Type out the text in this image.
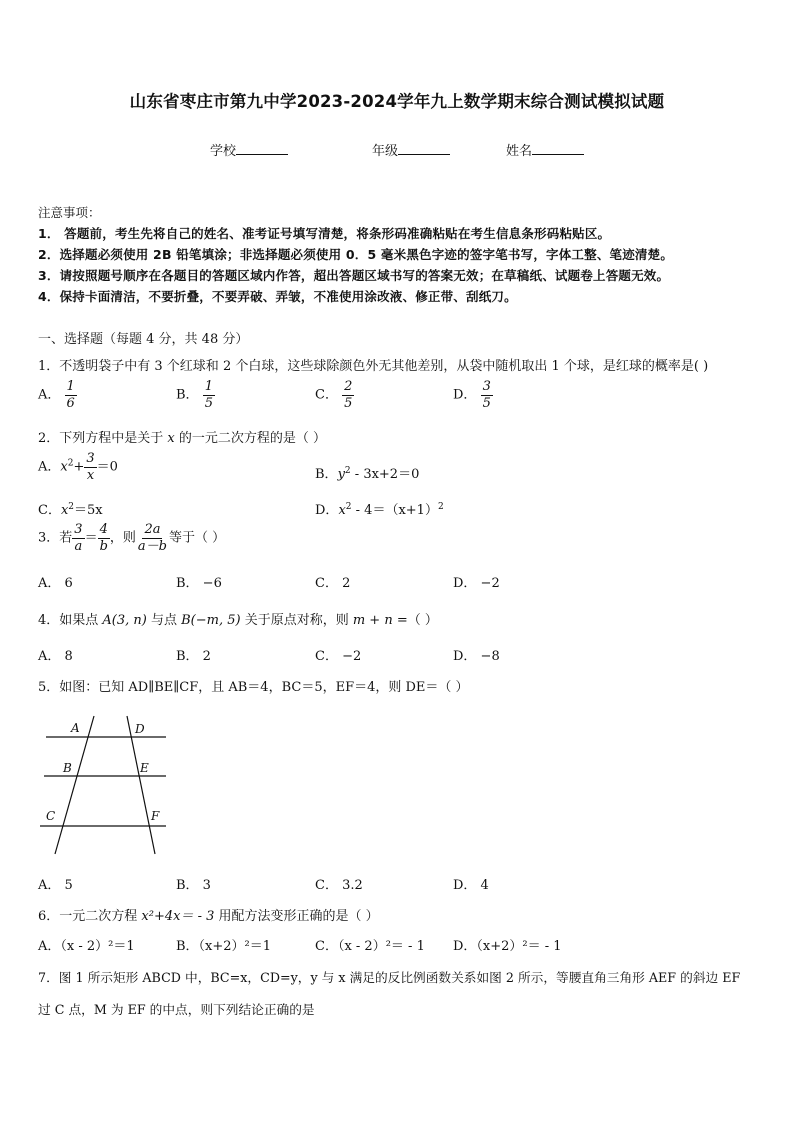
山东省枣庄市第九中学2023-2024学年九上数学期末综合测试模拟试题
学校	年级	姓名
注意事项：
1． 答题前，考生先将自己的姓名、准考证号填写清楚，将条形码准确粘贴在考生信息条形码粘贴区。
2．选择题必须使用 2B 铅笔填涂；非选择题必须使用 0．5 毫米黑色字迹的签字笔书写，字体工整、笔迹清楚。
3．请按照题号顺序在各题目的答题区域内作答，超出答题区域书写的答案无效；在草稿纸、试题卷上答题无效。
4．保持卡面清洁，不要折叠，不要弄破、弄皱，不准使用涂改液、修正带、刮纸刀。
一、选择题（每题 4 分，共 48 分）
1．不透明袋子中有 3 个红球和 2 个白球，这些球除颜色外无其他差别，从袋中随机取出 1 个球，是红球的概率是( )
A． $\frac{1}{6}$	B． $\frac{1}{5}$	C． $\frac{2}{5}$	D． $\frac{3}{5}$
2．下列方程中是关于 x 的一元二次方程的是（ ）
A．$x^2+ \frac{3}{x} =0$	B．$y^2 - 3x+2=0$
C．$x^2=5x$	D．$x^2 - 4=(x+1)^2$
3．若 $\frac{3}{a} = \frac{4}{b}$ ，则 $\frac{2a}{a-b}$ 等于（ ）
A． 6	B． −6	C． 2	D． −2
4．如果点 A(3, n) 与点 B(−m, 5) 关于原点对称，则 m + n =（ ）
A． 8	B． 2	C． −2	D． −8
5．如图：已知 AD∥BE∥CF，且 AB＝4，BC＝5，EF＝4，则 DE＝（ ）
A	D
B	E
C	F
A． 5	B． 3	C． 3.2	D． 4
6．一元二次方程 x²+4x＝ - 3 用配方法变形正确的是（ ）
A．（x - 2）²＝1	B．（x+2）²＝1	C．（x - 2）²＝ - 1 D．（x+2）²＝ - 1
7．图 1 所示矩形 ABCD 中，BC=x，CD=y，y 与 x 满足的反比例函数关系如图 2 所示，等腰直角三角形 AEF 的斜边 EF
过 C 点，M 为 EF 的中点，则下列结论正确的是
